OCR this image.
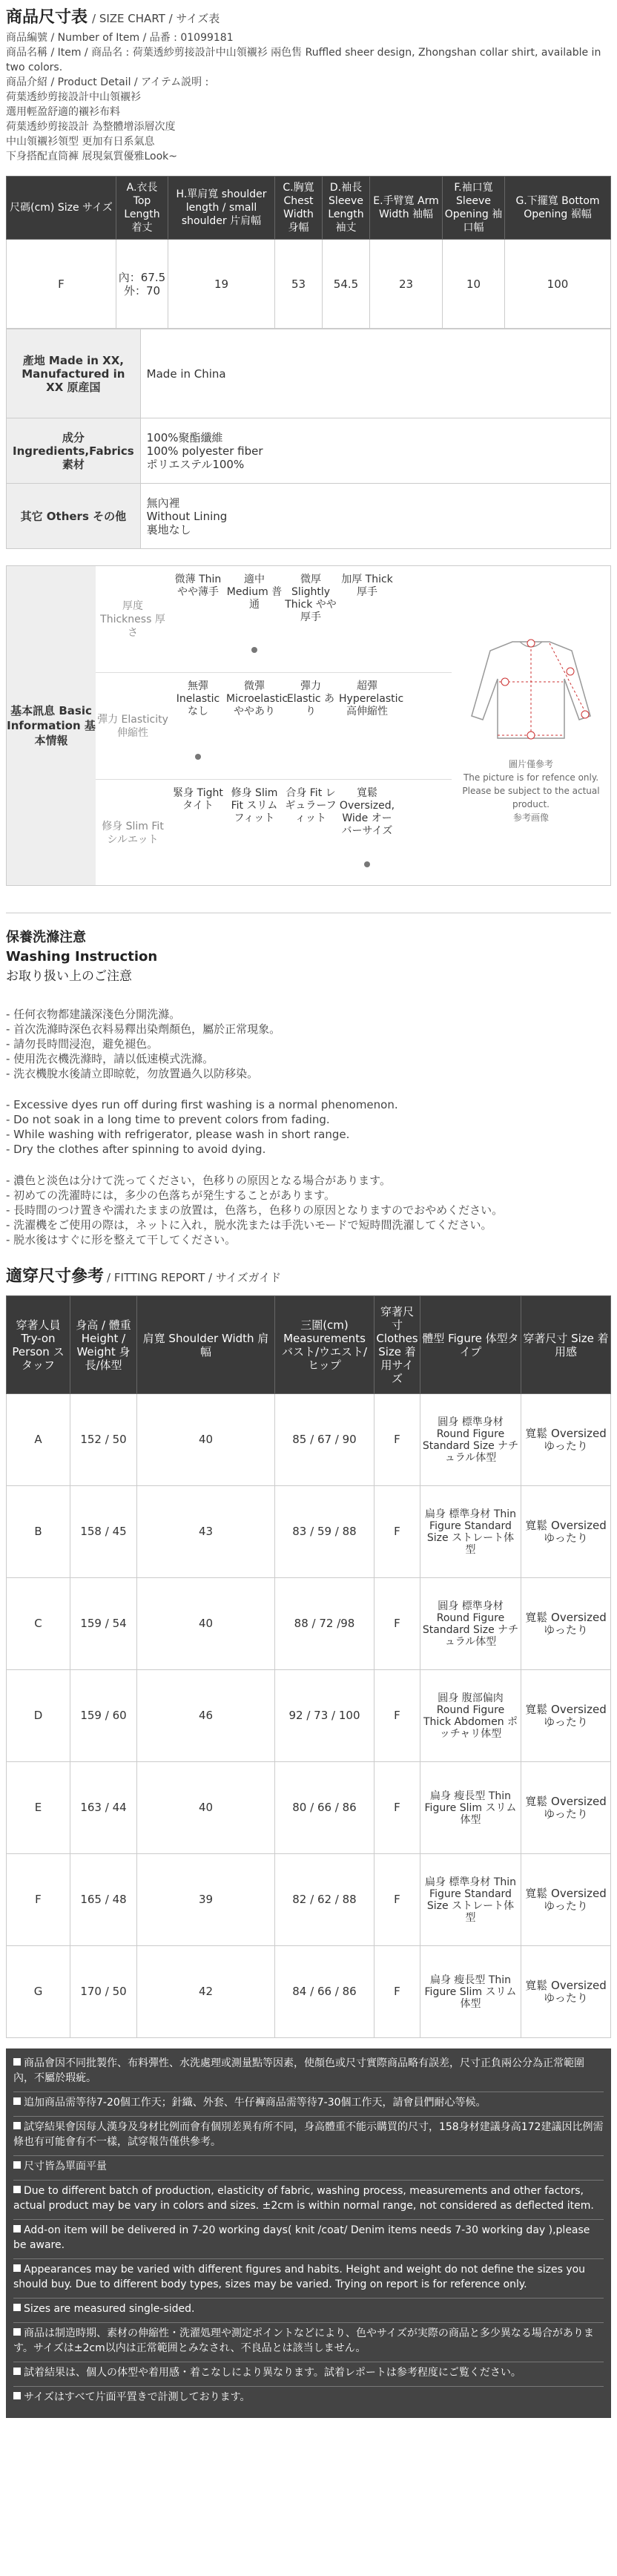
商品尺寸表 / SIZE CHART / サイズ表
商品編號 / Number of Item / 品番 : 01099181
商品名稱 / Item / 商品名 : 荷葉透紗剪接設計中山領襯衫 兩色售 Ruffled sheer design, Zhongshan collar shirt, available in two colors.
商品介紹 / Product Detail / アイテム説明 :
荷葉透紗剪接設計中山領襯衫
選用輕盈舒適的襯衫布料
荷葉透紗剪接設計 為整體增添層次度
中山領襯衫領型 更加有日系氣息
下身搭配直筒褲 展現氣質優雅Look~
尺碼(cm) Size サイズ	A.衣長 Top Length 着丈	H.單肩寬 shoulder length / small shoulder 片肩幅	C.胸寬 Chest Width 身幅	D.袖長 Sleeve Length 袖丈	E.手臂寬 Arm Width 袖幅	F.袖口寬 Sleeve Opening 袖口幅	G.下擺寬 Bottom Opening 裾幅
F	內：67.5 外：70	19	53	54.5	23	10	100
產地 Made in XX, Manufactured in XX 原産国	Made in China

成分 Ingredients,Fabrics 素材	100%聚酯纖維
100% polyester fiber
ポリエステル100%

其它 Others その他	無內裡
Without Lining
裏地なし
基本訊息 Basic Information 基本情報
厚度 Thickness 厚さ
微薄 Thin やや薄手
適中 Medium 普通
微厚 Slightly Thick やや厚手
加厚 Thick 厚手
彈力 Elasticity 伸縮性
無彈 Inelastic なし
微彈 Microelastic ややあり
彈力 Elastic あり
超彈 Hyperelastic 高伸縮性
修身 Slim Fit シルエット
緊身 Tight タイト
修身 Slim Fit スリムフィット
合身 Fit レギュラーフィット
寬鬆 Oversized, Wide オーバーサイズ
圖片僅參考
The picture is for refence only.
Please be subject to the actual product.
参考画像
保養洗滌注意
Washing Instruction
お取り扱い上のご注意

- 任何衣物都建議深淺色分開洗滌。

- 首次洗滌時深色衣料易釋出染劑顏色，屬於正常現象。

- 請勿長時間浸泡，避免褪色。

- 使用洗衣機洗滌時，請以低速模式洗滌。

- 洗衣機脫水後請立即晾乾，勿放置過久以防移染。

- Excessive dyes run off during first washing is a normal phenomenon.

- Do not soak in a long time to prevent colors from fading.

- While washing with refrigerator, please wash in short range.

- Dry the clothes after spinning to avoid dying.

- 濃色と淡色は分けて洗ってください，色移りの原因となる場合があります。

- 初めての洗濯時には，多少の色落ちが発生することがあります。

- 長時間のつけ置きや濡れたままの放置は，色落ち，色移りの原因となりますのでおやめください。

- 洗濯機をご使用の際は，ネットに入れ，脱水洗または手洗いモードで短時間洗濯してください。

- 脱水後はすぐに形を整えて干してください。

適穿尺寸參考 / FITTING REPORT / サイズガイド
穿著人員 Try-on Person スタッフ	身高 / 體重 Height / Weight 身長/体型	肩寬 Shoulder Width 肩幅	三圍(cm) Measurements バスト/ウエスト/ヒップ	穿著尺寸 Clothes Size 着用サイズ	體型 Figure 体型タイプ	穿著尺寸 Size 着用感
A	152 / 50	40	85 / 67 / 90	F	圓身 標準身材 Round Figure Standard Size ナチュラル体型	寬鬆 Oversized ゆったり
B	158 / 45	43	83 / 59 / 88	F	扁身 標準身材 Thin Figure Standard Size ストレート体型	寬鬆 Oversized ゆったり
C	159 / 54	40	88 / 72 /98	F	圓身 標準身材 Round Figure Standard Size ナチュラル体型	寬鬆 Oversized ゆったり
D	159 / 60	46	92 / 73 / 100	F	圓身 腹部偏肉 Round Figure Thick Abdomen ポッチャリ体型	寬鬆 Oversized ゆったり
E	163 / 44	40	80 / 66 / 86	F	扁身 瘦長型 Thin Figure Slim スリム体型	寬鬆 Oversized ゆったり
F	165 / 48	39	82 / 62 / 88	F	扁身 標準身材 Thin Figure Standard Size ストレート体型	寬鬆 Oversized ゆったり
G	170 / 50	42	84 / 66 / 86	F	扁身 瘦長型 Thin Figure Slim スリム体型	寬鬆 Oversized ゆったり
商品會因不同批製作、布料彈性、水洗處理或測量點等因素，使顏色或尺寸實際商品略有誤差，尺寸正負兩公分為正常範圍內，不屬於瑕疵。
追加商品需等待7-20個工作天；針織、外套、牛仔褲商品需等待7-30個工作天，請會員們耐心等候。
試穿結果會因每人漢身及身材比例而會有個別差異有所不同，身高體重不能示購買的尺寸，158身材建議身高172建議因比例需條也有可能會有不一樣，試穿報告僅供參考。
尺寸皆為單面平量
Due to different batch of production, elasticity of fabric, washing process, measurements and other factors, actual product may be vary in colors and sizes. ±2cm is within normal range, not considered as deflected item.
Add-on item will be delivered in 7-20 working days( knit /coat/ Denim items needs 7-30 working day ),please be aware.
Appearances may be varied with different figures and habits. Height and weight do not define the sizes you should buy. Due to different body types, sizes may be varied. Trying on report is for reference only.
Sizes are measured single-sided.
商品は制造時期、素材の伸縮性・洗濯処理や測定ポイントなどにより、色やサイズが実際の商品と多少異なる場合があります。サイズは±2cm以内は正常範囲とみなされ、不良品とは該当しません。
試着結果は、個人の体型や着用感・着こなしにより異なります。試着レポートは参考程度にご覧ください。
サイズはすべて片面平置きで計測しております。
